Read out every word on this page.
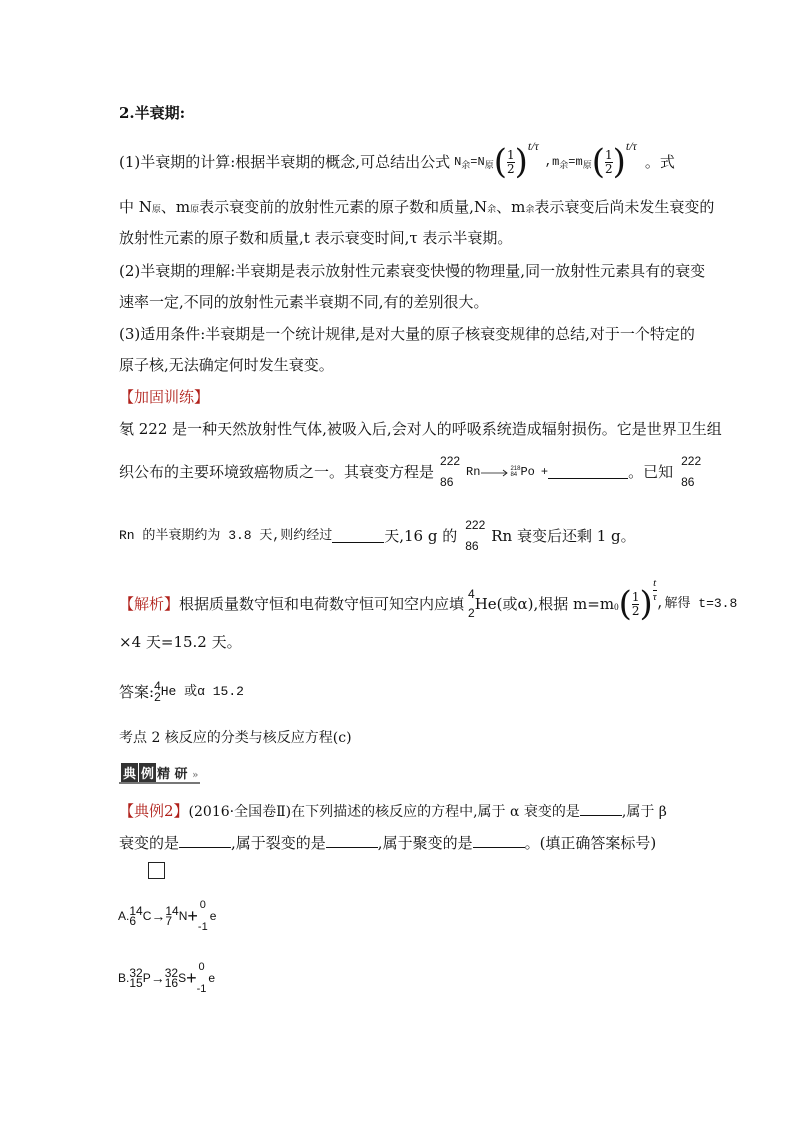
2.半衰期:
(1)半衰期的计算:根据半衰期的概念,可总结出公式 N 余 =N 原 ( $\frac{1}{2}$ ) t/τ
, m 余 =m 原 ( $\frac{1}{2}$ ) t/τ
。式
中 N原、m原表示衰变前的放射性元素的原子数和质量,N余、m余表示衰变后尚未发生衰变的
放射性元素的原子数和质量,t 表示衰变时间,τ 表示半衰期。
(2)半衰期的理解:半衰期是表示放射性元素衰变快慢的物理量,同一放射性元素具有的衰变
速率一定,不同的放射性元素半衰期不同,有的差别很大。
(3)适用条件:半衰期是一个统计规律,是对大量的原子核衰变规律的总结,对于一个特定的
原子核,无法确定何时发生衰变。
【加固训练】
氡 222 是一种天然放射性气体,被吸入后,会对人的呼吸系统造成辐射损伤。它是世界卫生组
织公布的主要环境致癌物质之一。其衰变方程是
222
86
Rn	218
84 Po +	。已知
222
86
Rn 的半衰期约为 3.8 天,则约经过	天,16 g 的
222
86
Rn 衰变后还剩 1 g。
【解析】 根据质量数守恒和电荷数守恒可知空内应填
4
2 He(或α),根据 m=m 0 ( $\frac{1}{2}$ ) $\frac{t}{\tau}$ ,解得 t=3.8
×4 天=15.2 天。
答案: 4
2 He 或α 15.2
考点 2 核反应的分类与核反应方程(c)
典 例 精 研 »
【典例2】(2016·全国卷Ⅱ)在下列描述的核反应的方程中,属于 α 衰变的是	,属于 β
衰变的是	,属于裂变的是	,属于聚变的是	。(填正确答案标号)
A. 14
6 C → 14
7 N +
0
-1
e
B. 32
15 P → 32
16 S +
0
-1
e
